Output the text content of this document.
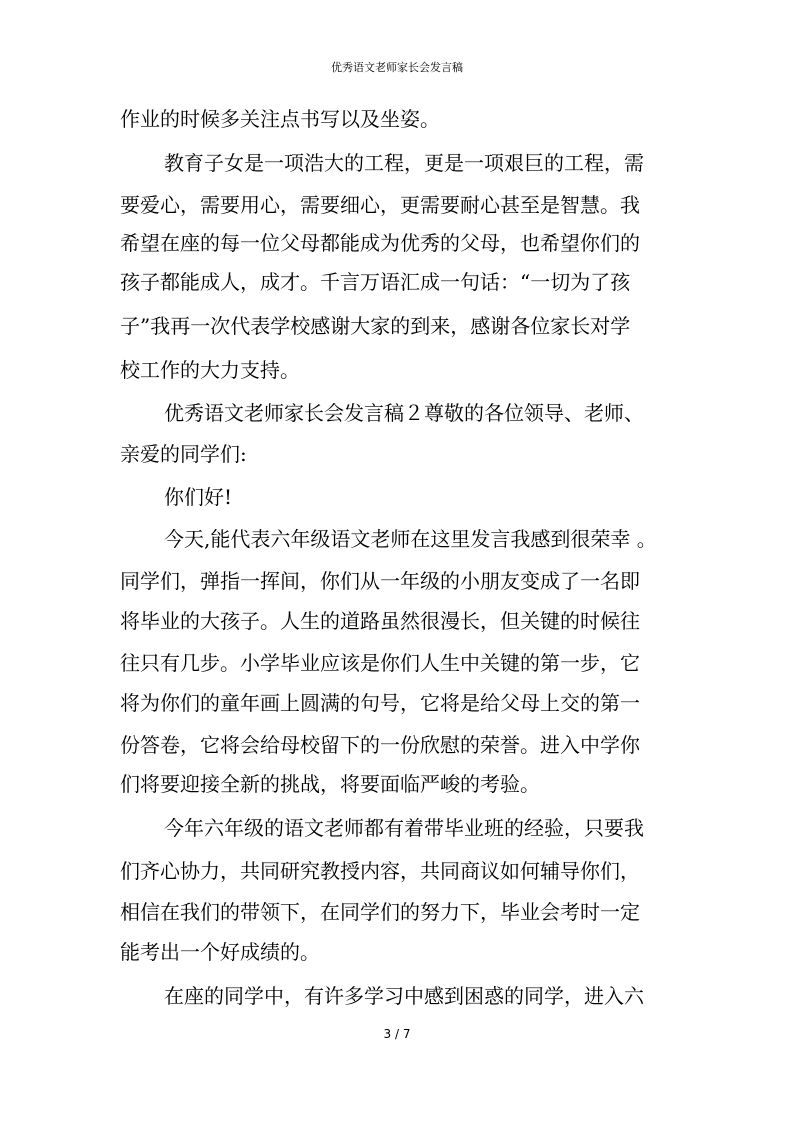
优秀语文老师家长会发言稿
作业的时候多关注点书写以及坐姿。
教育子女是一项浩大的工程，更是一项艰巨的工程，需
要爱心，需要用心，需要细心，更需要耐心甚至是智慧。我
希望在座的每一位父母都能成为优秀的父母，也希望你们的
孩子都能成人，成才。千言万语汇成一句话：“一切为了孩
子”我再一次代表学校感谢大家的到来，感谢各位家长对学
校工作的大力支持。
优秀语文老师家长会发言稿２尊敬的各位领导、老师、
亲爱的同学们:
你们好!
今天,能代表六年级语文老师在这里发言我感到很荣幸 。
同学们，弹指一挥间，你们从一年级的小朋友变成了一名即
将毕业的大孩子。人生的道路虽然很漫长，但关键的时候往
往只有几步。小学毕业应该是你们人生中关键的第一步，它
将为你们的童年画上圆满的句号，它将是给父母上交的第一
份答卷，它将会给母校留下的一份欣慰的荣誉。进入中学你
们将要迎接全新的挑战，将要面临严峻的考验。
今年六年级的语文老师都有着带毕业班的经验，只要我
们齐心协力，共同研究教授内容，共同商议如何辅导你们，
相信在我们的带领下，在同学们的努力下，毕业会考时一定
能考出一个好成绩的。
在座的同学中，有许多学习中感到困惑的同学，进入六
3 / 7
